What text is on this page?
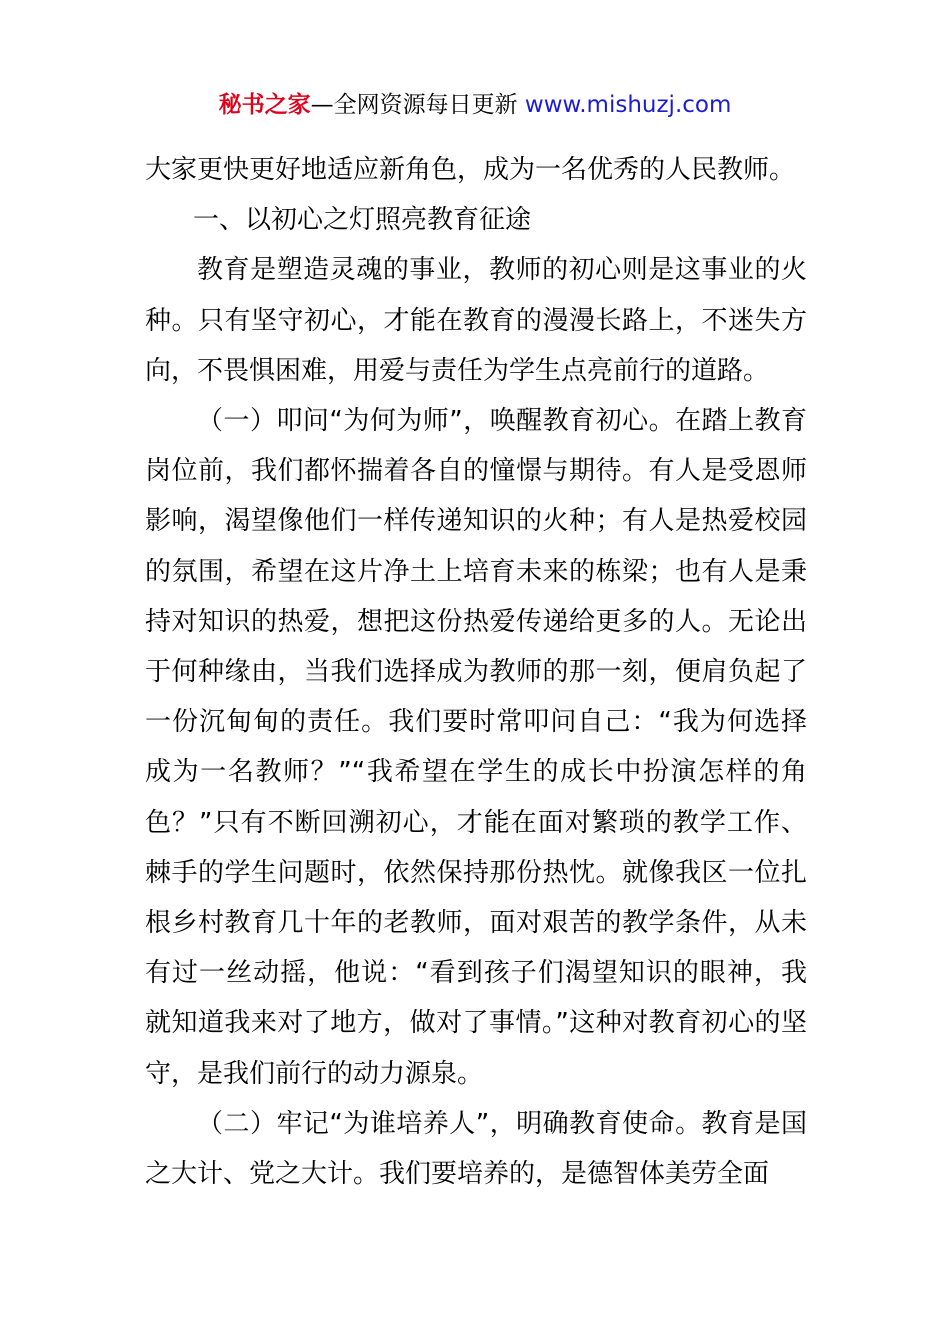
秘书之家—全网资源每日更新 www.mishuzj.com

大家更快更好地适应新角色，成为一名优秀的人民教师。

一、以初心之灯照亮教育征途

教育是塑造灵魂的事业，教师的初心则是这事业的火种。只有坚守初心，才能在教育的漫漫长路上，不迷失方向，不畏惧困难，用爱与责任为学生点亮前行的道路。

（一）叩问“为何为师”，唤醒教育初心。在踏上教育岗位前，我们都怀揣着各自的憧憬与期待。有人是受恩师影响，渴望像他们一样传递知识的火种；有人是热爱校园的氛围，希望在这片净土上培育未来的栋梁；也有人是秉持对知识的热爱，想把这份热爱传递给更多的人。无论出于何种缘由，当我们选择成为教师的那一刻，便肩负起了一份沉甸甸的责任。我们要时常叩问自己：“我为何选择成为一名教师？”“我希望在学生的成长中扮演怎样的角色？”只有不断回溯初心，才能在面对繁琐的教学工作、棘手的学生问题时，依然保持那份热忱。就像我区一位扎根乡村教育几十年的老教师，面对艰苦的教学条件，从未有过一丝动摇，他说：“看到孩子们渴望知识的眼神，我就知道我来对了地方，做对了事情。”这种对教育初心的坚守，是我们前行的动力源泉。

（二）牢记“为谁培养人”，明确教育使命。教育是国之大计、党之大计。我们要培养的，是德智体美劳全面
